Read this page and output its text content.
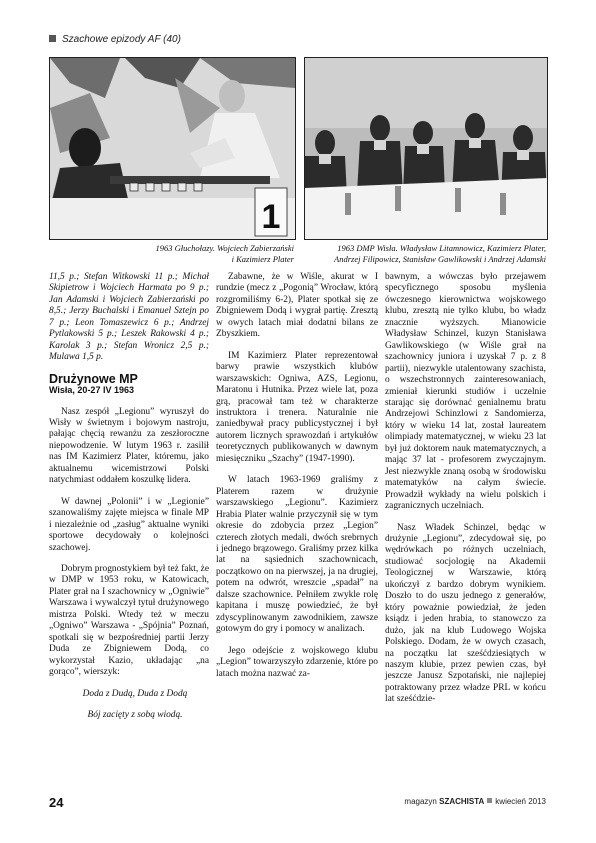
Szachowe epizody AF (40)
1
1963 Głuchołazy. Wojciech Zabierzański
i Kazimierz Plater
1963 DMP Wisła. Władysław Litamnowicz, Kazimierz Plater,
Andrzej Filipowicz, Stanisław Gawlikowski i Andrzej Adamski

11,5 p.; Stefan Witkowski 11 p.; Michał Skipietrow i Wojciech Harmata po 9 p.; Jan Adamski i Wojciech Zabierzański po 8,5.; Jerzy Buchalski i Emanuel Sztejn po 7 p.; Leon Tomaszewicz 6 p.; Andrzej Pytlakowski 5 p.; Leszek Rakowski 4 p.; Karolak 3 p.; Stefan Wronicz 2,5 p.; Mulawa 1,5 p.

Drużynowe MP
Wisła, 20-27 IV 1963

Nasz zespół „Legionu” wyruszył do Wisły w świetnym i bojowym nastroju, pałając chęcią rewanżu za zeszłoroczne niepowodzenie. W lutym 1963 r. zasilił nas IM Kazimierz Plater, któremu, jako aktualnemu wicemistrzowi Polski natychmiast oddałem koszulkę lidera.

W dawnej „Polonii” i w „Legionie” szanowaliśmy zajęte miejsca w finale MP i niezależnie od „zasług” aktualne wyniki sportowe decydowały o kolejności szachowej.

Dobrym prognostykiem był też fakt, że w DMP w 1953 roku, w Katowicach, Plater grał na I szachownicy w „Ogniwie” Warszawa i wywalczył tytuł drużynowego mistrza Polski. Wtedy też w meczu „Ogniwo” Warszawa - „Spójnia” Poznań, spotkali się w bezpośredniej partii Jerzy Duda ze Zbigniewem Dodą, co wykorzystał Kazio, układając „na gorąco”, wierszyk:

Doda z Dudą, Duda z Dodą

Bój zacięty z sobą wiodą.

Zabawne, że w Wiśle, akurat w I rundzie (mecz z „Pogonią” Wrocław, którą rozgromiliśmy 6-2), Plater spotkał się ze Zbigniewem Dodą i wygrał partię. Zresztą w owych latach miał dodatni bilans ze Zbyszkiem.

IM Kazimierz Plater reprezentował barwy prawie wszystkich klubów warszawskich: Ogniwa, AZS, Legionu, Maratonu i Hutnika. Przez wiele lat, poza grą, pracował tam też w charakterze instruktora i trenera. Naturalnie nie zaniedbywał pracy publicystycznej i był autorem licznych sprawozdań i artykułów teoretycznych publikowanych w dawnym miesięczniku „Szachy” (1947-1990).

W latach 1963-1969 graliśmy z Platerem razem w drużynie warszawskiego „Legionu”. Kazimierz Hrabia Plater walnie przyczynił się w tym okresie do zdobycia przez „Legion” czterech złotych medali, dwóch srebrnych i jednego brązowego. Graliśmy przez kilka lat na sąsiednich szachownicach, początkowo on na pierwszej, ja na drugiej, potem na odwrót, wreszcie „spadał” na dalsze szachownice. Pełniłem zwykle rolę kapitana i muszę powiedzieć, że był zdyscyplinowanym zawodnikiem, zawsze gotowym do gry i pomocy w analizach.

Jego odejście z wojskowego klubu „Legion” towarzyszyło zdarzenie, które po latach można nazwać za-

bawnym, a wówczas było przejawem specyficznego sposobu myślenia ówczesnego kierownictwa wojskowego klubu, zresztą nie tylko klubu, bo władz znacznie wyższych. Mianowicie Władysław Schinzel, kuzyn Stanisława Gawlikowskiego (w Wiśle grał na szachownicy juniora i uzyskał 7 p. z 8 partii), niezwykle utalentowany szachista, o wszechstronnych zainteresowaniach, zmieniał kierunki studiów i uczelnie starając się dorównać genialnemu bratu Andrzejowi Schinzlowi z Sandomierza, który w wieku 14 lat, został laureatem olimpiady matematycznej, w wieku 23 lat był już doktorem nauk matematycznych, a mając 37 lat - profesorem zwyczajnym. Jest niezwykle znaną osobą w środowisku matematyków na całym świecie. Prowadził wykłady na wielu polskich i zagranicznych uczelniach.

Nasz Władek Schinzel, będąc w drużynie „Legionu”, zdecydował się, po wędrówkach po różnych uczelniach, studiować socjologię na Akademii Teologicznej w Warszawie, którą ukończył z bardzo dobrym wynikiem. Doszło to do uszu jednego z generałów, który poważnie powiedział, że jeden ksiądz i jeden hrabia, to stanowczo za dużo, jak na klub Ludowego Wojska Polskiego. Dodam, że w owych czasach, na początku lat sześćdziesiątych w naszym klubie, przez pewien czas, był jeszcze Janusz Szpotański, nie najlepiej potraktowany przez władze PRL w końcu lat sześćdzie-

24	magazyn SZACHISTA kwiecień 2013
